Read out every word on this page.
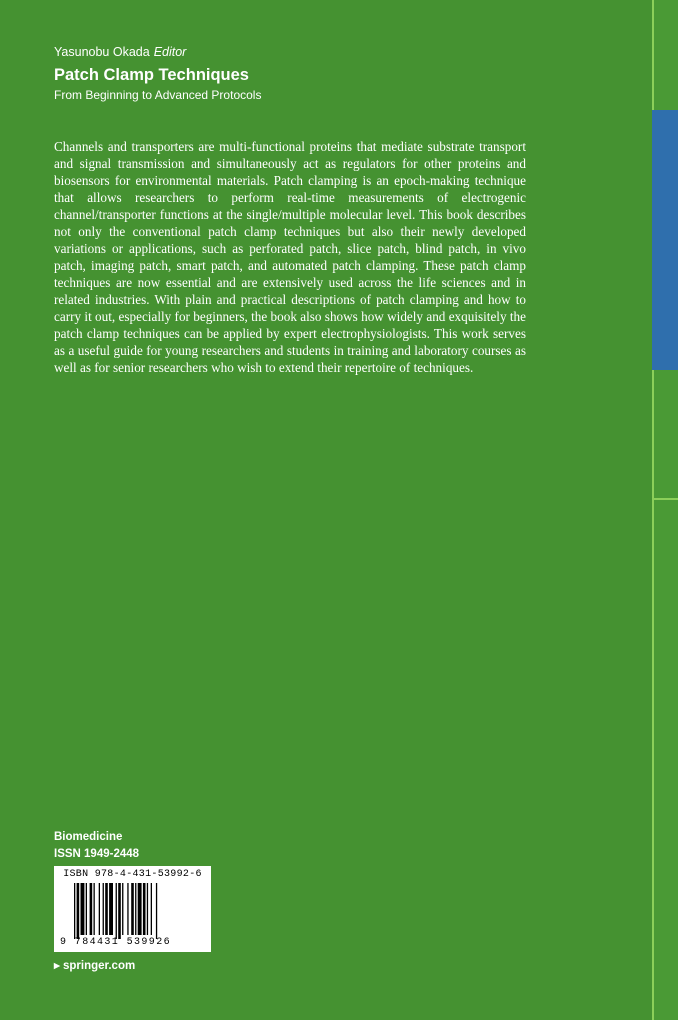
Yasunobu Okada Editor
Patch Clamp Techniques
From Beginning to Advanced Protocols

Channels and transporters are multi-functional proteins that mediate substrate transport and signal transmission and simultaneously act as regulators for other proteins and biosensors for environmental materials. Patch clamping is an epoch-making technique that allows researchers to perform real-time measurements of electrogenic channel/transporter functions at the single/multiple molecular level. This book describes not only the conventional patch clamp techniques but also their newly developed variations or applications, such as perforated patch, slice patch, blind patch, in vivo patch, imaging patch, smart patch, and automated patch clamping. These patch clamp techniques are now essential and are extensively used across the life sciences and in related industries. With plain and practical descriptions of patch clamping and how to carry it out, especially for beginners, the book also shows how widely and exquisitely the patch clamp techniques can be applied by expert electrophysiologists. This work serves as a useful guide for young researchers and students in training and laboratory courses as well as for senior researchers who wish to extend their repertoire of techniques.

Biomedicine
ISSN 1949-2448
ISBN 978-4-431-53992-6
9 784431 539926
▸ springer.com
